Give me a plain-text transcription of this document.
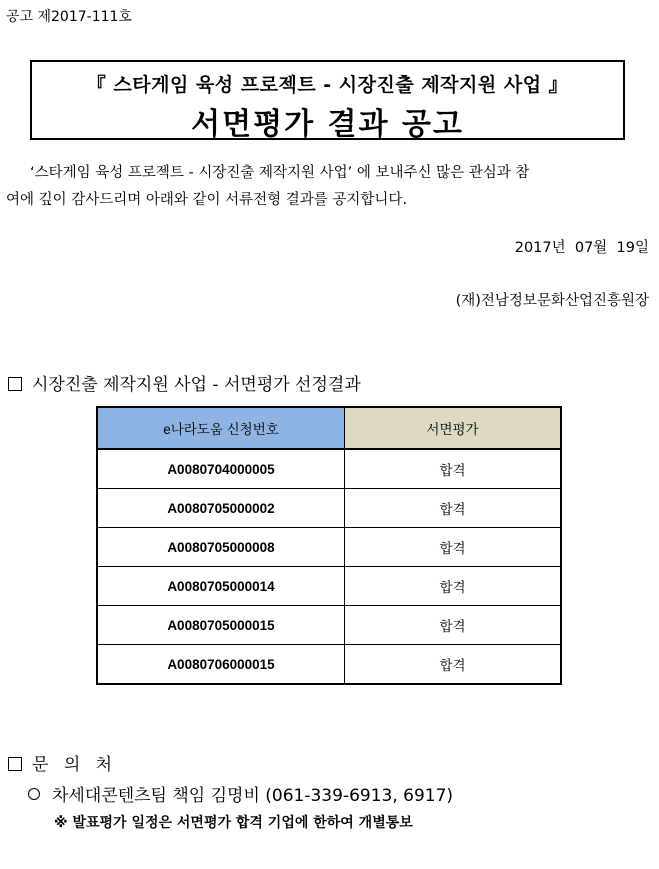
공고 제2017-111호
『 스타게임 육성 프로젝트 - 시장진출 제작지원 사업 』
서면평가 결과 공고
‘스타게임 육성 프로젝트 - 시장진출 제작지원 사업’ 에 보내주신 많은 관심과 참
여에 깊이 감사드리며 아래와 같이 서류전형 결과를 공지합니다.
2017년  07월  19일
(재)전남정보문화산업진흥원장
시장진출 제작지원 사업 - 서면평가 선정결과
e나라도움 신청번호	서면평가
A0080704000005	합격
A0080705000002	합격
A0080705000008	합격
A0080705000014	합격
A0080705000015	합격
A0080706000015	합격
문 의 처
차세대콘텐츠팀 책임 김명비 (061-339-6913, 6917)
※ 발표평가 일정은 서면평가 합격 기업에 한하여 개별통보
